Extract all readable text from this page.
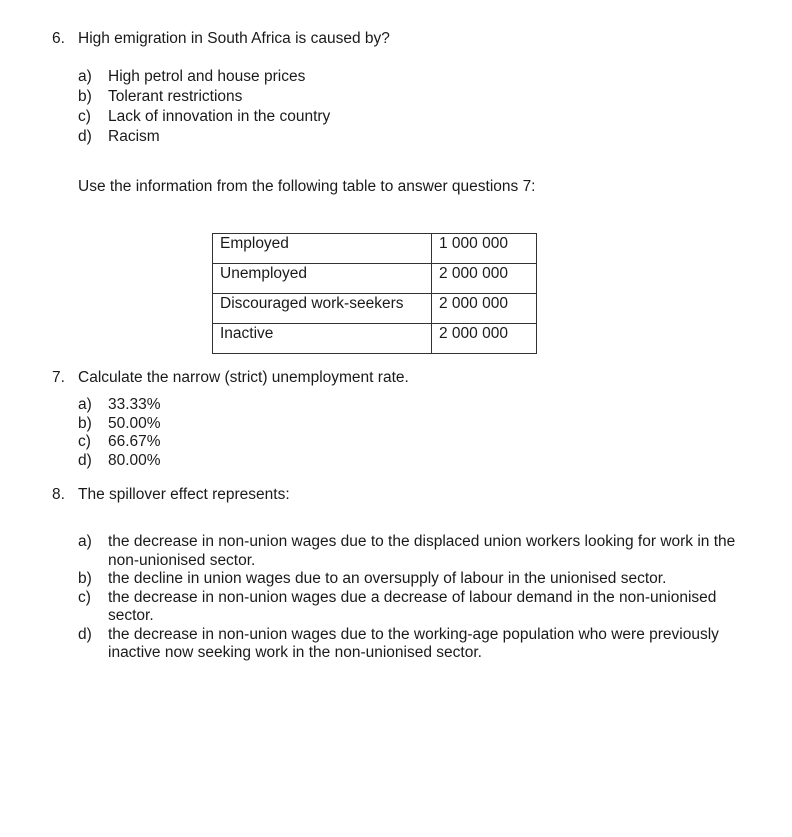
6. High emigration in South Africa is caused by?
a)	High petrol and house prices
b)	Tolerant restrictions
c)	Lack of innovation in the country
d)	Racism
Use the information from the following table to answer questions 7:
Employed	1 000 000
Unemployed	2 000 000
Discouraged work-seekers	2 000 000
Inactive	2 000 000
7. Calculate the narrow (strict) unemployment rate.
a)	33.33%
b)	50.00%
c)	66.67%
d)	80.00%
8. The spillover effect represents:
a)	the decrease in non-union wages due to the displaced union workers looking for work in the non-unionised sector.
b)	the decline in union wages due to an oversupply of labour in the unionised sector.
c)	the decrease in non-union wages due a decrease of labour demand in the non-unionised sector.
d)	the decrease in non-union wages due to the working-age population who were previously inactive now seeking work in the non-unionised sector.
